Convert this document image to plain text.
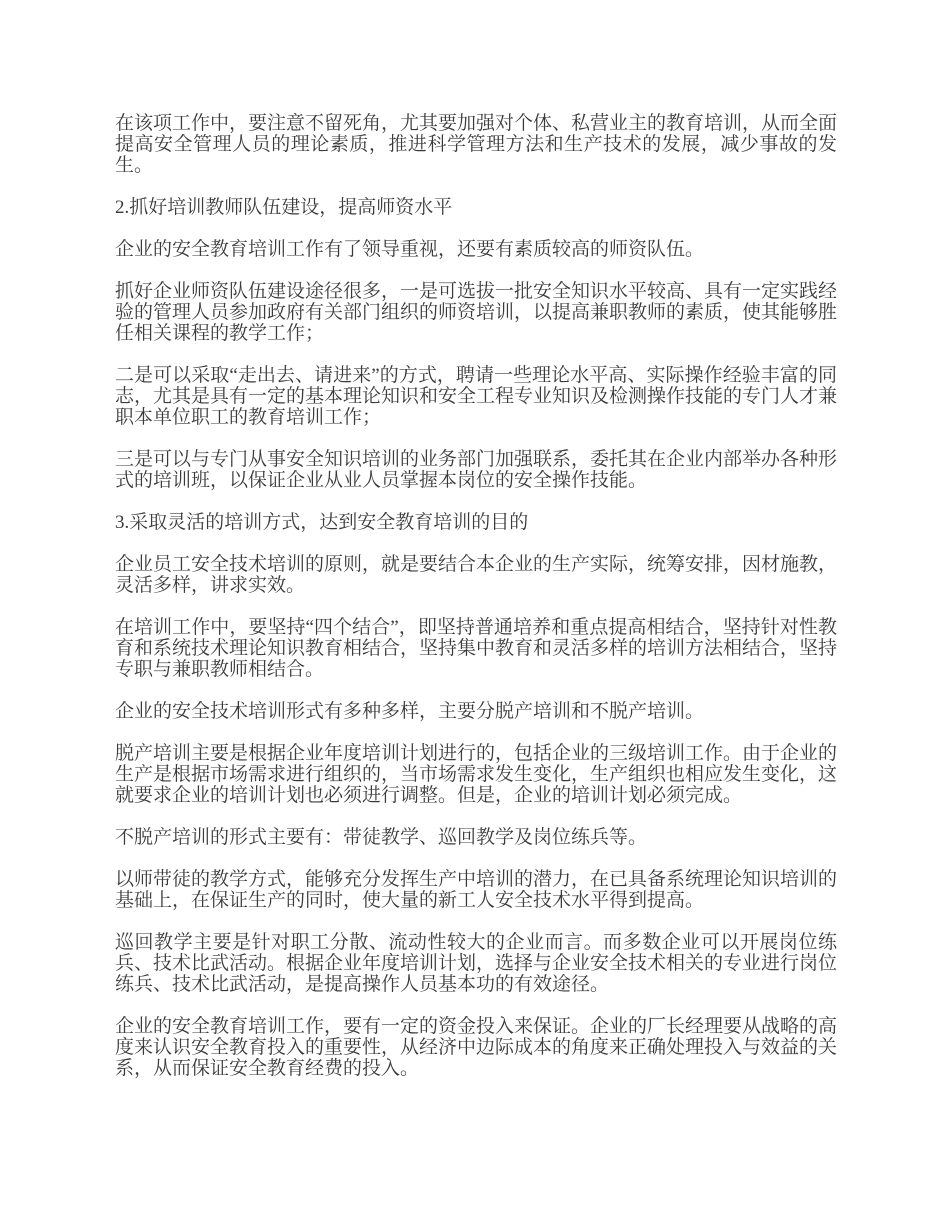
在该项工作中，要注意不留死角，尤其要加强对个体、私营业主的教育培训，从而全面提高安全管理人员的理论素质，推进科学管理方法和生产技术的发展，减少事故的发生。

2.抓好培训教师队伍建设，提高师资水平

企业的安全教育培训工作有了领导重视，还要有素质较高的师资队伍。

抓好企业师资队伍建设途径很多，一是可选拔一批安全知识水平较高、具有一定实践经验的管理人员参加政府有关部门组织的师资培训，以提高兼职教师的素质，使其能够胜任相关课程的教学工作；

二是可以采取“走出去、请进来”的方式，聘请一些理论水平高、实际操作经验丰富的同志，尤其是具有一定的基本理论知识和安全工程专业知识及检测操作技能的专门人才兼职本单位职工的教育培训工作；

三是可以与专门从事安全知识培训的业务部门加强联系，委托其在企业内部举办各种形式的培训班，以保证企业从业人员掌握本岗位的安全操作技能。

3.采取灵活的培训方式，达到安全教育培训的目的

企业员工安全技术培训的原则，就是要结合本企业的生产实际，统筹安排，因材施教，灵活多样，讲求实效。

在培训工作中，要坚持“四个结合”，即坚持普通培养和重点提高相结合，坚持针对性教育和系统技术理论知识教育相结合，坚持集中教育和灵活多样的培训方法相结合，坚持专职与兼职教师相结合。

企业的安全技术培训形式有多种多样，主要分脱产培训和不脱产培训。

脱产培训主要是根据企业年度培训计划进行的，包括企业的三级培训工作。由于企业的生产是根据市场需求进行组织的，当市场需求发生变化，生产组织也相应发生变化，这就要求企业的培训计划也必须进行调整。但是，企业的培训计划必须完成。

不脱产培训的形式主要有：带徒教学、巡回教学及岗位练兵等。

以师带徒的教学方式，能够充分发挥生产中培训的潜力，在已具备系统理论知识培训的基础上，在保证生产的同时，使大量的新工人安全技术水平得到提高。

巡回教学主要是针对职工分散、流动性较大的企业而言。而多数企业可以开展岗位练兵、技术比武活动。根据企业年度培训计划，选择与企业安全技术相关的专业进行岗位练兵、技术比武活动，是提高操作人员基本功的有效途径。

企业的安全教育培训工作，要有一定的资金投入来保证。企业的厂长经理要从战略的高度来认识安全教育投入的重要性，从经济中边际成本的角度来正确处理投入与效益的关系，从而保证安全教育经费的投入。
